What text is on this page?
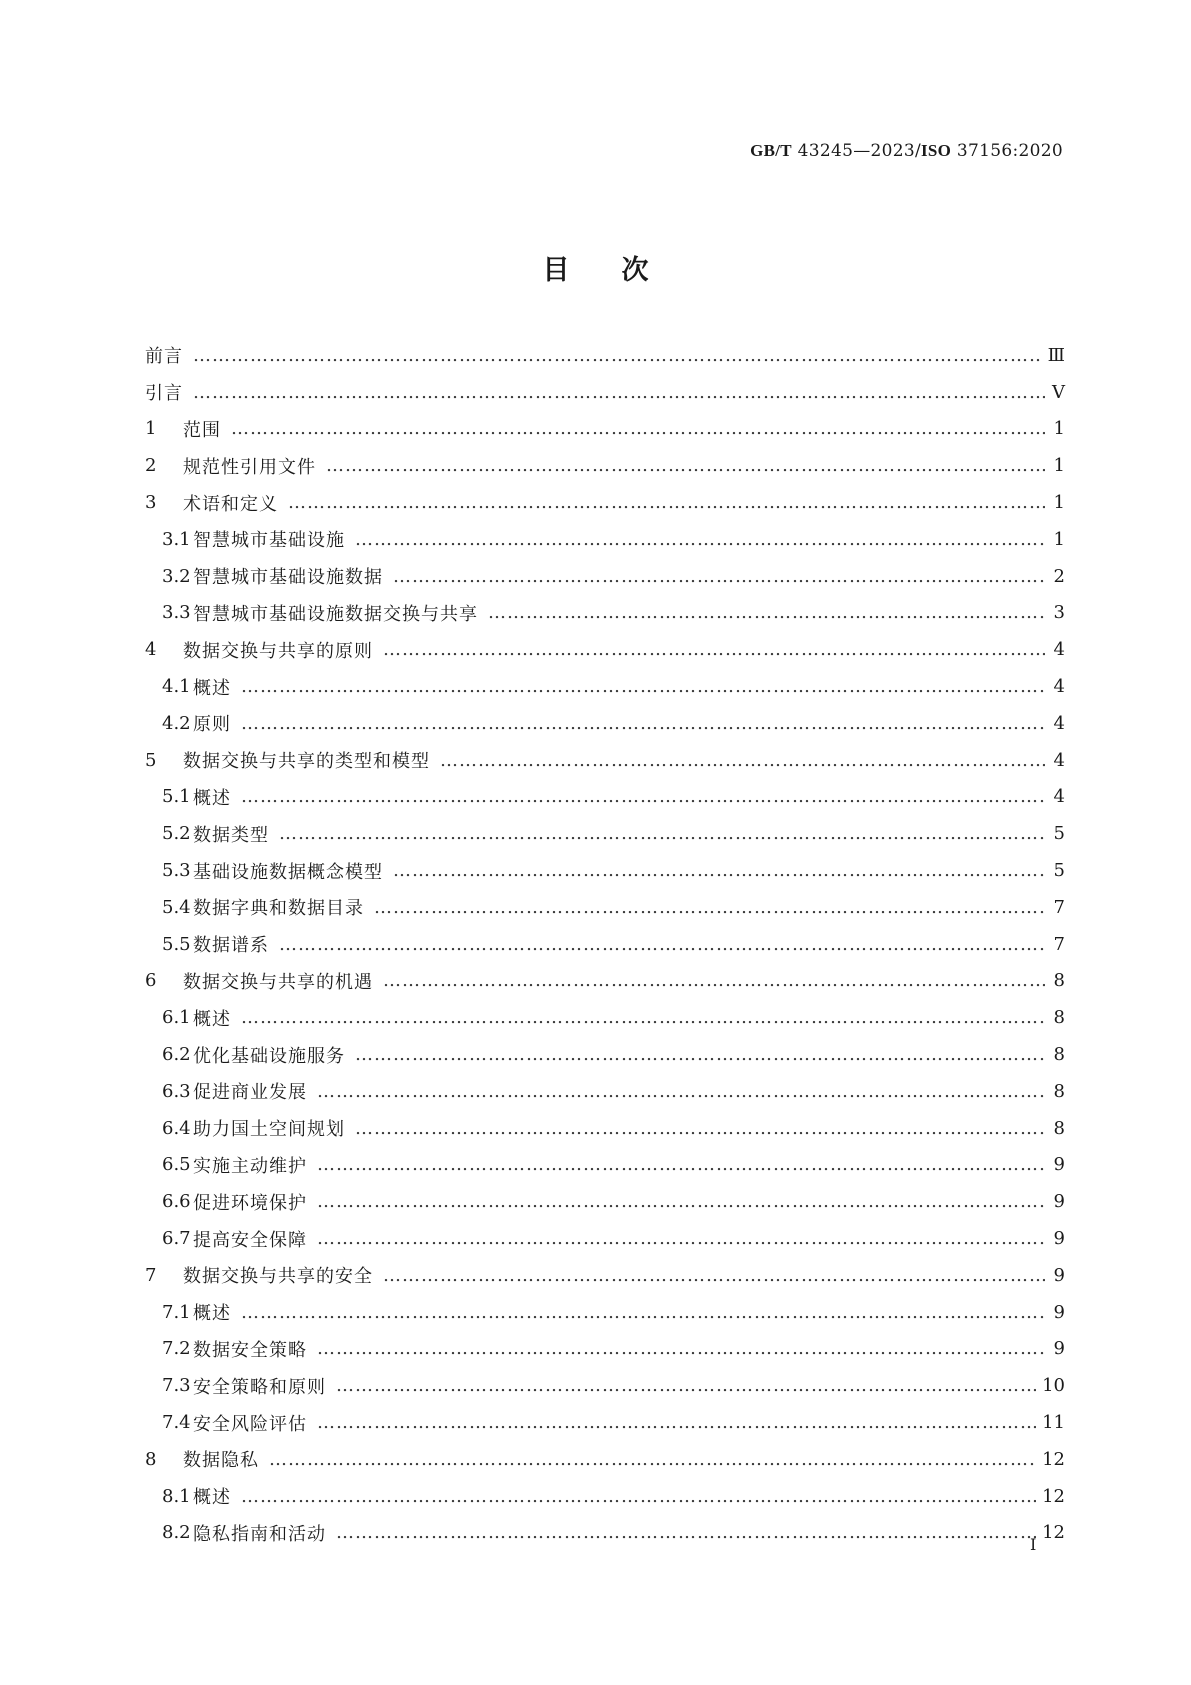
GB/T 43245—2023/ISO 37156:2020
目次
前言 …………………………………………………………………………………………………………………………………………………………………………………………………………………………………………	Ⅲ
引言 …………………………………………………………………………………………………………………………………………………………………………………………………………………………………………	Ⅴ
1	范围 …………………………………………………………………………………………………………………………………………………………………………………………………………………………………………	1
2	规范性引用文件 …………………………………………………………………………………………………………………………………………………………………………………………………………………………………………	1
3	术语和定义 …………………………………………………………………………………………………………………………………………………………………………………………………………………………………………	1
3.1 智慧城市基础设施 …………………………………………………………………………………………………………………………………………………………………………………………………………………………………………	1
3.2 智慧城市基础设施数据 …………………………………………………………………………………………………………………………………………………………………………………………………………………………………………	2
3.3 智慧城市基础设施数据交换与共享 …………………………………………………………………………………………………………………………………………………………………………………………………………………………………………	3
4	数据交换与共享的原则 …………………………………………………………………………………………………………………………………………………………………………………………………………………………………………	4
4.1 概述 …………………………………………………………………………………………………………………………………………………………………………………………………………………………………………	4
4.2 原则 …………………………………………………………………………………………………………………………………………………………………………………………………………………………………………	4
5	数据交换与共享的类型和模型 …………………………………………………………………………………………………………………………………………………………………………………………………………………………………………	4
5.1 概述 …………………………………………………………………………………………………………………………………………………………………………………………………………………………………………	4
5.2 数据类型 …………………………………………………………………………………………………………………………………………………………………………………………………………………………………………	5
5.3 基础设施数据概念模型 …………………………………………………………………………………………………………………………………………………………………………………………………………………………………………	5
5.4 数据字典和数据目录 …………………………………………………………………………………………………………………………………………………………………………………………………………………………………………	7
5.5 数据谱系 …………………………………………………………………………………………………………………………………………………………………………………………………………………………………………	7
6	数据交换与共享的机遇 …………………………………………………………………………………………………………………………………………………………………………………………………………………………………………	8
6.1 概述 …………………………………………………………………………………………………………………………………………………………………………………………………………………………………………	8
6.2 优化基础设施服务 …………………………………………………………………………………………………………………………………………………………………………………………………………………………………………	8
6.3 促进商业发展 …………………………………………………………………………………………………………………………………………………………………………………………………………………………………………	8
6.4 助力国土空间规划 …………………………………………………………………………………………………………………………………………………………………………………………………………………………………………	8
6.5 实施主动维护 …………………………………………………………………………………………………………………………………………………………………………………………………………………………………………	9
6.6 促进环境保护 …………………………………………………………………………………………………………………………………………………………………………………………………………………………………………	9
6.7 提高安全保障 …………………………………………………………………………………………………………………………………………………………………………………………………………………………………………	9
7	数据交换与共享的安全 …………………………………………………………………………………………………………………………………………………………………………………………………………………………………………	9
7.1 概述 …………………………………………………………………………………………………………………………………………………………………………………………………………………………………………	9
7.2 数据安全策略 …………………………………………………………………………………………………………………………………………………………………………………………………………………………………………	9
7.3 安全策略和原则 …………………………………………………………………………………………………………………………………………………………………………………………………………………………………………	10
7.4 安全风险评估 …………………………………………………………………………………………………………………………………………………………………………………………………………………………………………	11
8	数据隐私 …………………………………………………………………………………………………………………………………………………………………………………………………………………………………………	12
8.1 概述 …………………………………………………………………………………………………………………………………………………………………………………………………………………………………………	12
8.2 隐私指南和活动 …………………………………………………………………………………………………………………………………………………………………………………………………………………………………………	12
Ⅰ
